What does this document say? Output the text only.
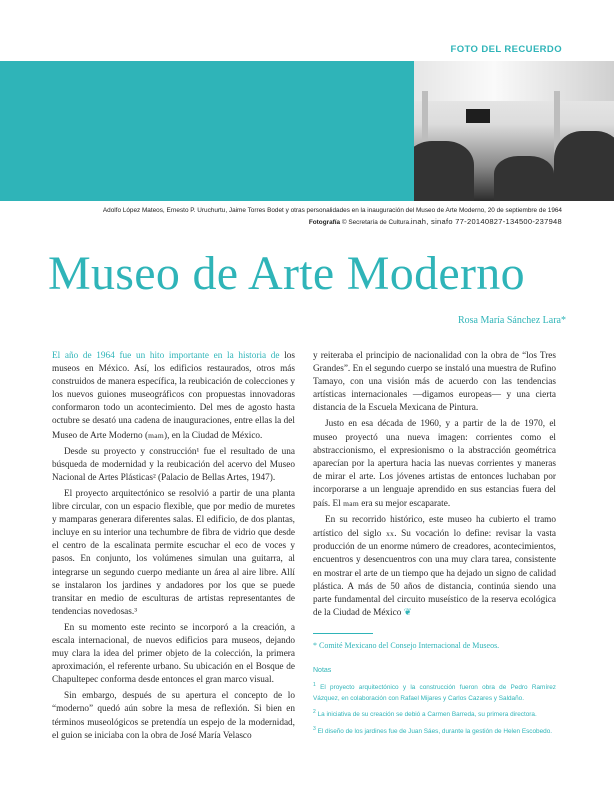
FOTO DEL RECUERDO
Adolfo López Mateos, Ernesto P. Uruchurtu, Jaime Torres Bodet y otras personalidades en la inauguración del Museo de Arte Moderno, 20 de septiembre de 1964
Fotografía © Secretaría de Cultura.inah, sinafo 77-20140827-134500-237948
Museo de Arte Moderno
Rosa María Sánchez Lara*

El año de 1964 fue un hito importante en la historia de los museos en México. Así, los edificios restaurados, otros más construidos de manera específica, la reubicación de colecciones y los nuevos guiones museográficos con propuestas innovadoras conformaron todo un acontecimiento. Del mes de agosto hasta octubre se desató una cadena de inauguraciones, entre ellas la del Museo de Arte Moderno (mam), en la Ciudad de México.

Desde su proyecto y construcción¹ fue el resultado de una búsqueda de modernidad y la reubicación del acervo del Museo Nacional de Artes Plásticas² (Palacio de Bellas Artes, 1947).

El proyecto arquitectónico se resolvió a partir de una planta libre circular, con un espacio flexible, que por medio de muretes y mamparas generara diferentes salas. El edificio, de dos plantas, incluye en su interior una techumbre de fibra de vidrio que desde el centro de la escalinata permite escuchar el eco de voces y pasos. En conjunto, los volúmenes simulan una guitarra, al integrarse un segundo cuerpo mediante un área al aire libre. Allí se instalaron los jardines y andadores por los que se puede transitar en medio de esculturas de artistas representantes de tendencias novedosas.³

En su momento este recinto se incorporó a la creación, a escala internacional, de nuevos edificios para museos, dejando muy clara la idea del primer objeto de la colección, la primera aproximación, el referente urbano. Su ubicación en el Bosque de Chapultepec conforma desde entonces el gran marco visual.

Sin embargo, después de su apertura el concepto de lo “moderno” quedó aún sobre la mesa de reflexión. Si bien en términos museológicos se pretendía un espejo de la modernidad, el guion se iniciaba con la obra de José María Velasco

y reiteraba el principio de nacionalidad con la obra de “los Tres Grandes”. En el segundo cuerpo se instaló una muestra de Rufino Tamayo, con una visión más de acuerdo con las tendencias artísticas internacionales —digamos europeas— y una cierta distancia de la Escuela Mexicana de Pintura.

Justo en esa década de 1960, y a partir de la de 1970, el museo proyectó una nueva imagen: corrientes como el abstraccionismo, el expresionismo o la abstracción geométrica aparecían por la apertura hacia las nuevas corrientes y maneras de mirar el arte. Los jóvenes artistas de entonces luchaban por incorporarse a un lenguaje aprendido en sus estancias fuera del país. El mam era su mejor escaparate.

En su recorrido histórico, este museo ha cubierto el tramo artístico del siglo xx. Su vocación lo define: revisar la vasta producción de un enorme número de creadores, acontecimientos, encuentros y desencuentros con una muy clara tarea, consistente en mostrar el arte de un tiempo que ha dejado un signo de calidad plástica. A más de 50 años de distancia, continúa siendo una parte fundamental del circuito museístico de la reserva ecológica de la Ciudad de México ❦

* Comité Mexicano del Consejo Internacional de Museos.
Notas

$^1$ El proyecto arquitectónico y la construcción fueron obra de Pedro Ramírez Vázquez, en colaboración con Rafael Mijares y Carlos Cazares y Saldaño.

$^2$ La iniciativa de su creación se debió a Carmen Barreda, su primera directora.

$^3$ El diseño de los jardines fue de Juan Sáes, durante la gestión de Helen Escobedo.
